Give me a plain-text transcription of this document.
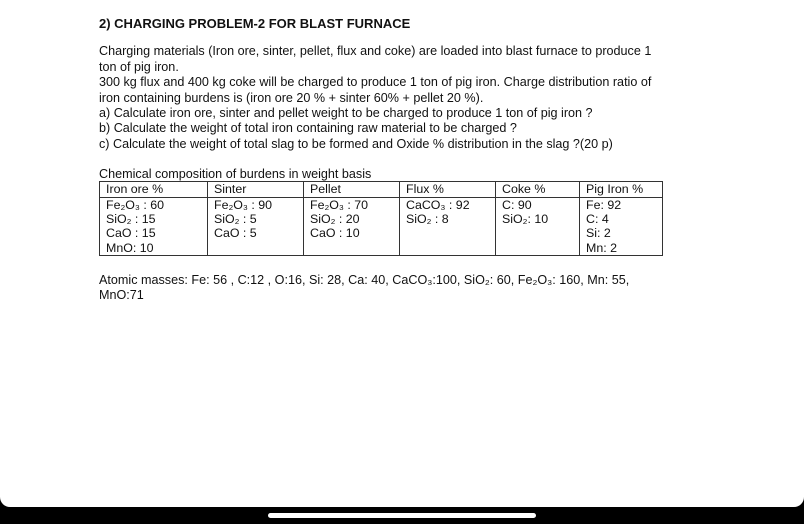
2) CHARGING PROBLEM-2 FOR BLAST FURNACE
Charging materials (Iron ore, sinter, pellet, flux and coke) are loaded into blast furnace to produce 1
ton of pig iron.
300 kg flux and 400 kg coke will be charged to produce 1 ton of pig iron. Charge distribution ratio of
iron containing burdens is (iron ore 20 % + sinter 60% + pellet 20 %).
a) Calculate iron ore, sinter and pellet weight to be charged to produce 1 ton of pig iron ?
b) Calculate the weight of total iron containing raw material to be charged ?
c) Calculate the weight of total slag to be formed and Oxide % distribution in the slag ?(20 p)
Chemical composition of burdens in weight basis
Iron ore %	Sinter	Pellet	Flux %	Coke %	Pig Iron %

Fe₂O₃ : 60
SiO₂ : 15
CaO : 15
MnO: 10	Fe₂O₃ : 90
SiO₂ : 5
CaO : 5	Fe₂O₃ : 70
SiO₂ : 20
CaO : 10	CaCO₃ : 92
SiO₂ : 8	C: 90
SiO₂: 10	Fe: 92
C: 4
Si: 2
Mn: 2
Atomic masses: Fe: 56 , C:12 , O:16, Si: 28, Ca: 40, CaCO₃:100, SiO₂: 60, Fe₂O₃: 160, Mn: 55,
MnO:71
